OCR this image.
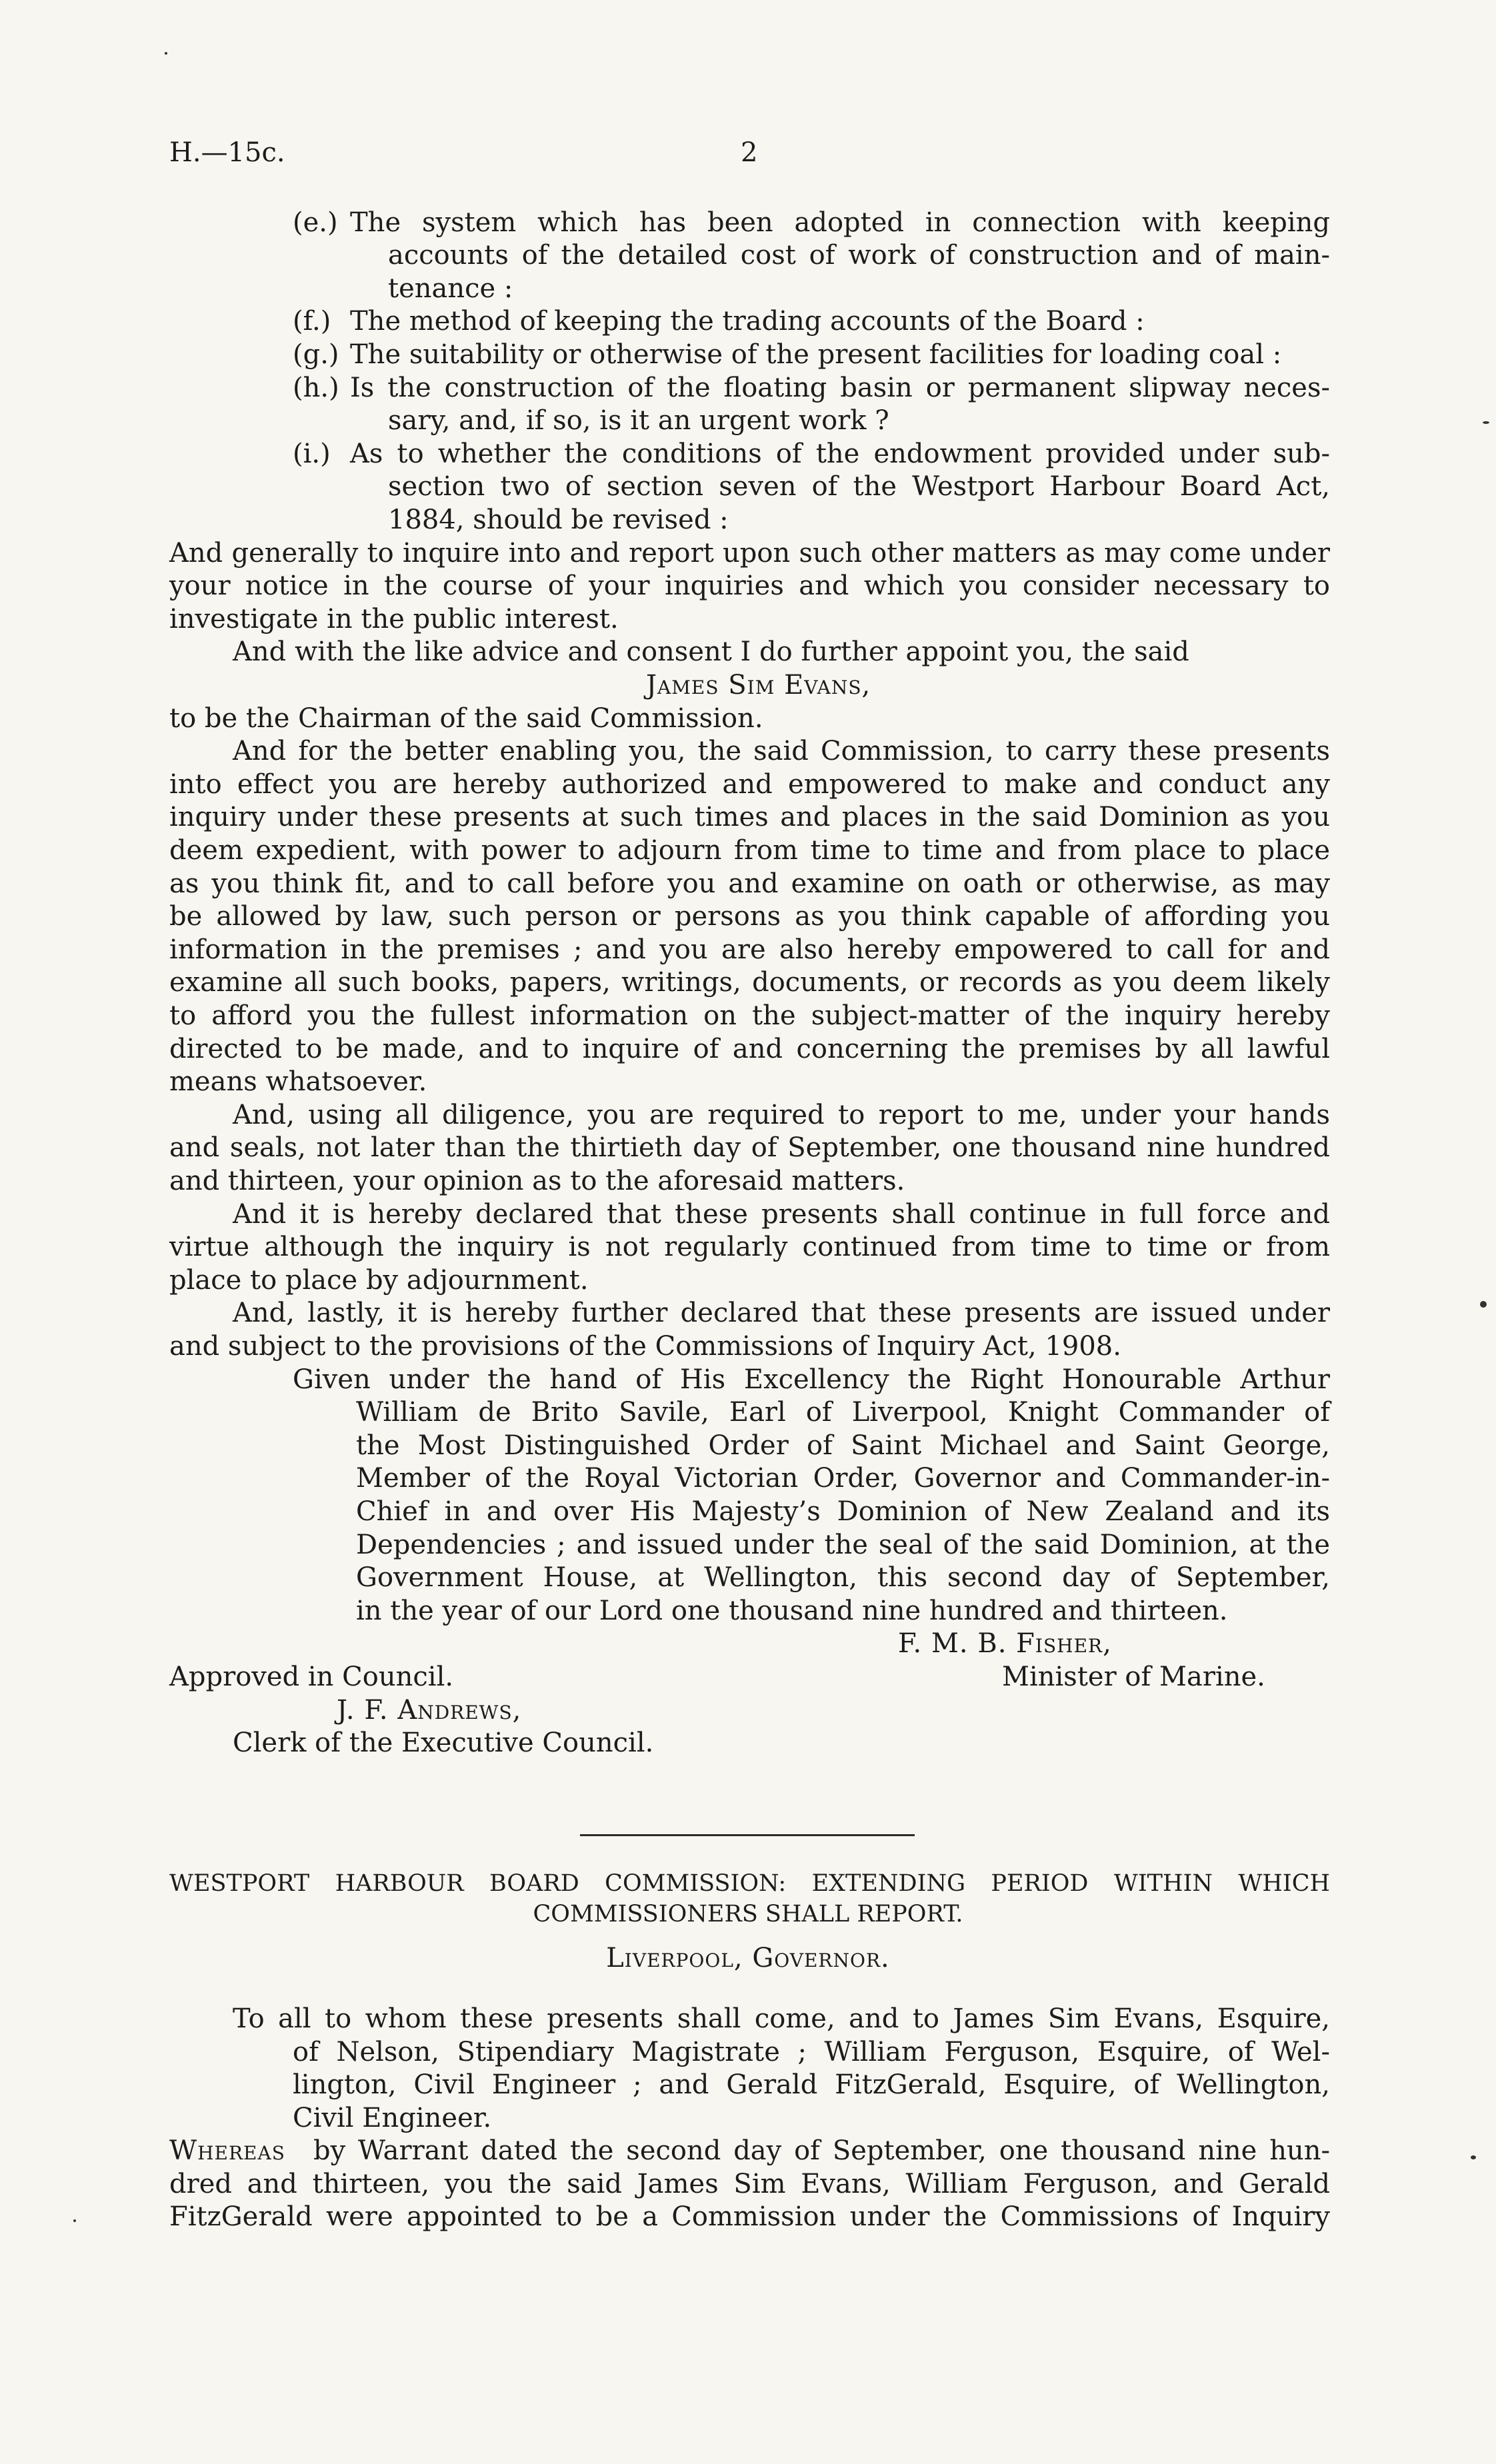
H.—15c.	2
(e.) The system which has been adopted in connection with keeping
accounts of the detailed cost of work of construction and of main-
tenance :
(f.) The method of keeping the trading accounts of the Board :
(g.) The suitability or otherwise of the present facilities for loading coal :
(h.) Is the construction of the floating basin or permanent slipway neces-
sary, and, if so, is it an urgent work ?
(i.) As to whether the conditions of the endowment provided under sub-
section two of section seven of the Westport Harbour Board Act,
1884, should be revised :
And generally to inquire into and report upon such other matters as may come under
your notice in the course of your inquiries and which you consider necessary to
investigate in the public interest.
And with the like advice and consent I do further appoint you, the said
James Sim Evans,
to be the Chairman of the said Commission.
And for the better enabling you, the said Commission, to carry these presents
into effect you are hereby authorized and empowered to make and conduct any
inquiry under these presents at such times and places in the said Dominion as you
deem expedient, with power to adjourn from time to time and from place to place
as you think fit, and to call before you and examine on oath or otherwise, as may
be allowed by law, such person or persons as you think capable of affording you
information in the premises ; and you are also hereby empowered to call for and
examine all such books, papers, writings, documents, or records as you deem likely
to afford you the fullest information on the subject-matter of the inquiry hereby
directed to be made, and to inquire of and concerning the premises by all lawful
means whatsoever.
And, using all diligence, you are required to report to me, under your hands
and seals, not later than the thirtieth day of September, one thousand nine hundred
and thirteen, your opinion as to the aforesaid matters.
And it is hereby declared that these presents shall continue in full force and
virtue although the inquiry is not regularly continued from time to time or from
place to place by adjournment.
And, lastly, it is hereby further declared that these presents are issued under
and subject to the provisions of the Commissions of Inquiry Act, 1908.
Given under the hand of His Excellency the Right Honourable Arthur
William de Brito Savile, Earl of Liverpool, Knight Commander of
the Most Distinguished Order of Saint Michael and Saint George,
Member of the Royal Victorian Order, Governor and Commander-in-
Chief in and over His Majesty’s Dominion of New Zealand and its
Dependencies ; and issued under the seal of the said Dominion, at the
Government House, at Wellington, this second day of September,
in the year of our Lord one thousand nine hundred and thirteen.
F. M. B. Fisher,
Minister of Marine.
Approved in Council.
J. F. Andrews,
Clerk of the Executive Council.
WESTPORT HARBOUR BOARD COMMISSION: EXTENDING PERIOD WITHIN WHICH
COMMISSIONERS SHALL REPORT.
Liverpool, Governor.
To all to whom these presents shall come, and to James Sim Evans, Esquire,
of Nelson, Stipendiary Magistrate ; William Ferguson, Esquire, of Wel-
lington, Civil Engineer ; and Gerald FitzGerald, Esquire, of Wellington,
Civil Engineer.
Whereas by Warrant dated the second day of September, one thousand nine hun-
dred and thirteen, you the said James Sim Evans, William Ferguson, and Gerald
FitzGerald were appointed to be a Commission under the Commissions of Inquiry
